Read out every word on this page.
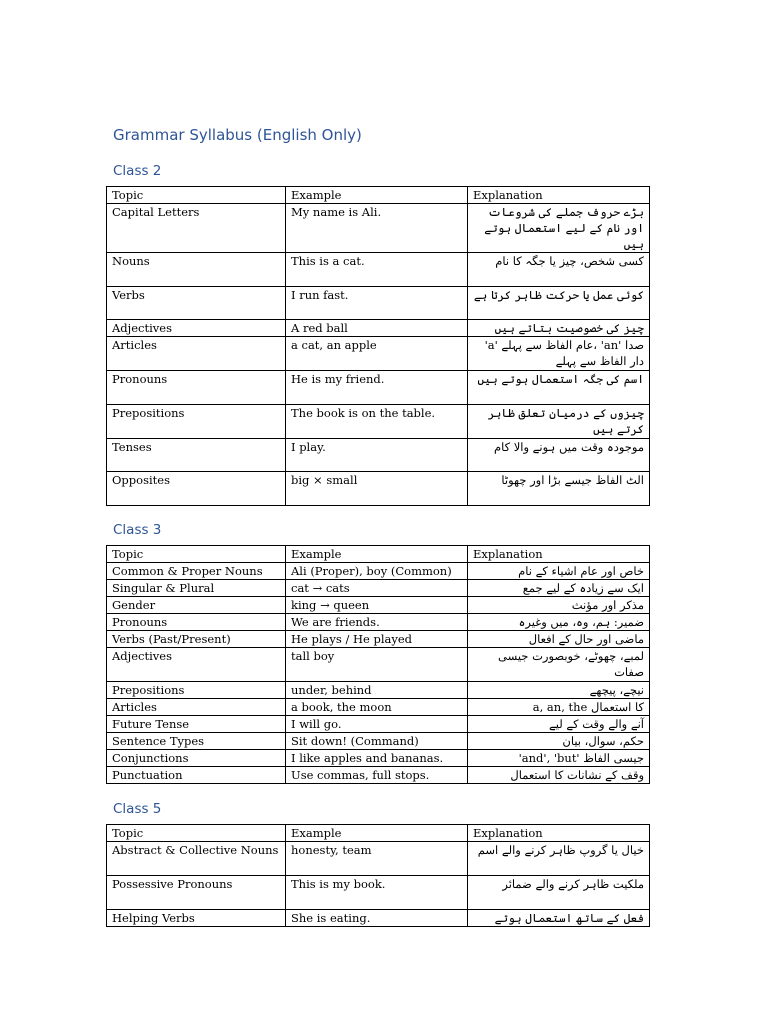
Grammar Syllabus (English Only)
Class 2
Topic	Example	Explanation
Capital Letters	My name is Ali.	بڑے حروف جملے کی شروعات اور نام کے لیے استعمال ہوتے ہیں
Nouns	This is a cat.	کسی شخص، چیز یا جگہ کا نام
Verbs	I run fast.	کوئی عمل یا حرکت ظاہر کرتا ہے
Adjectives	A red ball	چیز کی خصوصیت بتاتے ہیں
Articles	a cat, an apple	'a' عام الفاظ سے پہلے، 'an' صدا دار الفاظ سے پہلے
Pronouns	He is my friend.	اسم کی جگہ استعمال ہوتے ہیں
Prepositions	The book is on the table.	چیزوں کے درمیان تعلق ظاہر کرتے ہیں
Tenses	I play.	موجودہ وقت میں ہونے والا کام
Opposites	big × small	الٹ الفاظ جیسے بڑا اور چھوٹا
Class 3
Topic	Example	Explanation
Common & Proper Nouns	Ali (Proper), boy (Common)	خاص اور عام اشیاء کے نام
Singular & Plural	cat → cats	ایک سے زیادہ کے لیے جمع
Gender	king → queen	مذکر اور مؤنث
Pronouns	We are friends.	ضمیر: ہم، وہ، میں وغیرہ
Verbs (Past/Present)	He plays / He played	ماضی اور حال کے افعال
Adjectives	tall boy	لمبے، چھوٹے، خوبصورت جیسی صفات
Prepositions	under, behind	نیچے، پیچھے
Articles	a book, the moon	a, an, the کا استعمال
Future Tense	I will go.	آنے والے وقت کے لیے
Sentence Types	Sit down! (Command)	حکم، سوال، بیان
Conjunctions	I like apples and bananas.	'and', 'but' جیسی الفاظ
Punctuation	Use commas, full stops.	وقف کے نشانات کا استعمال
Class 5
Topic	Example	Explanation
Abstract & Collective Nouns	honesty, team	خیال یا گروپ ظاہر کرنے والے اسم
Possessive Pronouns	This is my book.	ملکیت ظاہر کرنے والے ضمائر
Helping Verbs	She is eating.	فعل کے ساتھ استعمال ہوتے
